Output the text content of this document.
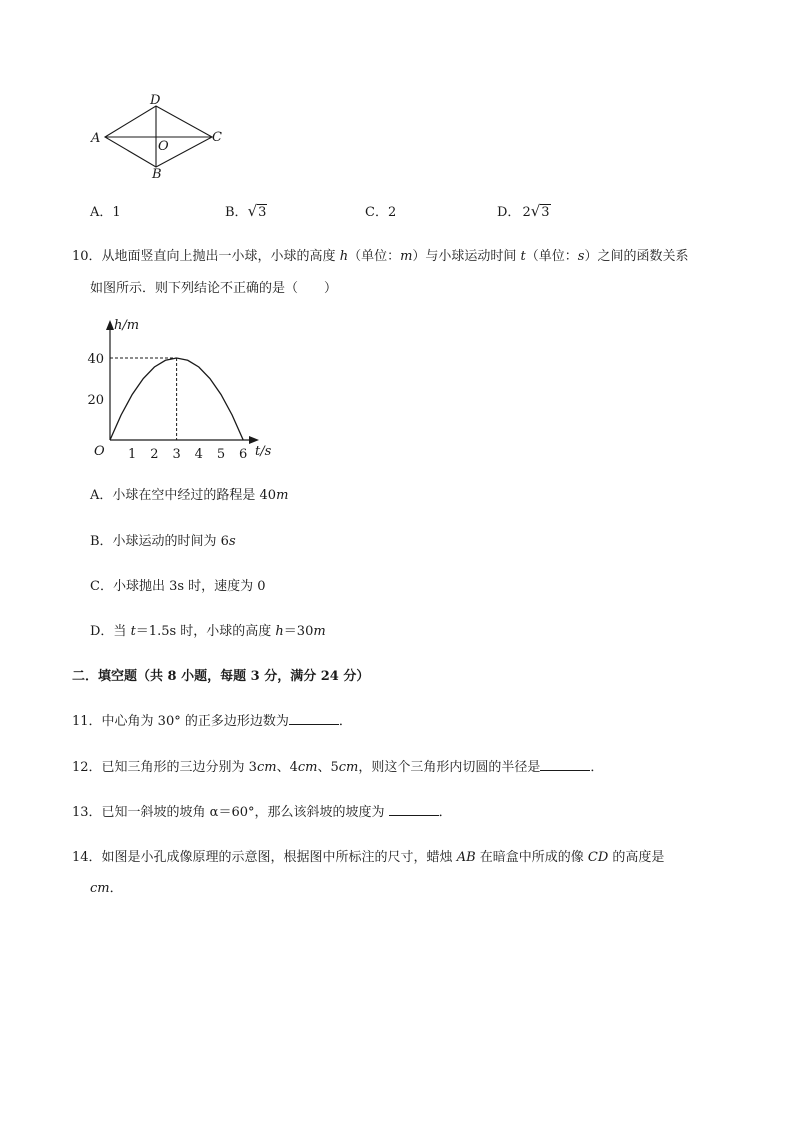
D
A	C
O
B
A．1	B．√3	C．2	D． 2√3
10．从地面竖直向上抛出一小球，小球的高度 h（单位：m）与小球运动时间 t（单位：s）之间的函数关系
如图所示．则下列结论不正确的是（　　）
h/m
t/s
O 1 2 3 4 5 6
20
40
A．小球在空中经过的路程是 40m
B．小球运动的时间为 6s
C．小球抛出 3s 时，速度为 0
D．当 t＝1.5s 时，小球的高度 h＝30m
二．填空题（共 8 小题，每题 3 分，满分 24 分）
11．中心角为 30° 的正多边形边数为	．
12．已知三角形的三边分别为 3cm、4cm、5cm，则这个三角形内切圆的半径是	．
13．已知一斜坡的坡角 α＝60°，那么该斜坡的坡度为	．
14．如图是小孔成像原理的示意图，根据图中所标注的尺寸，蜡烛 AB 在暗盒中所成的像 CD 的高度是
cm．
